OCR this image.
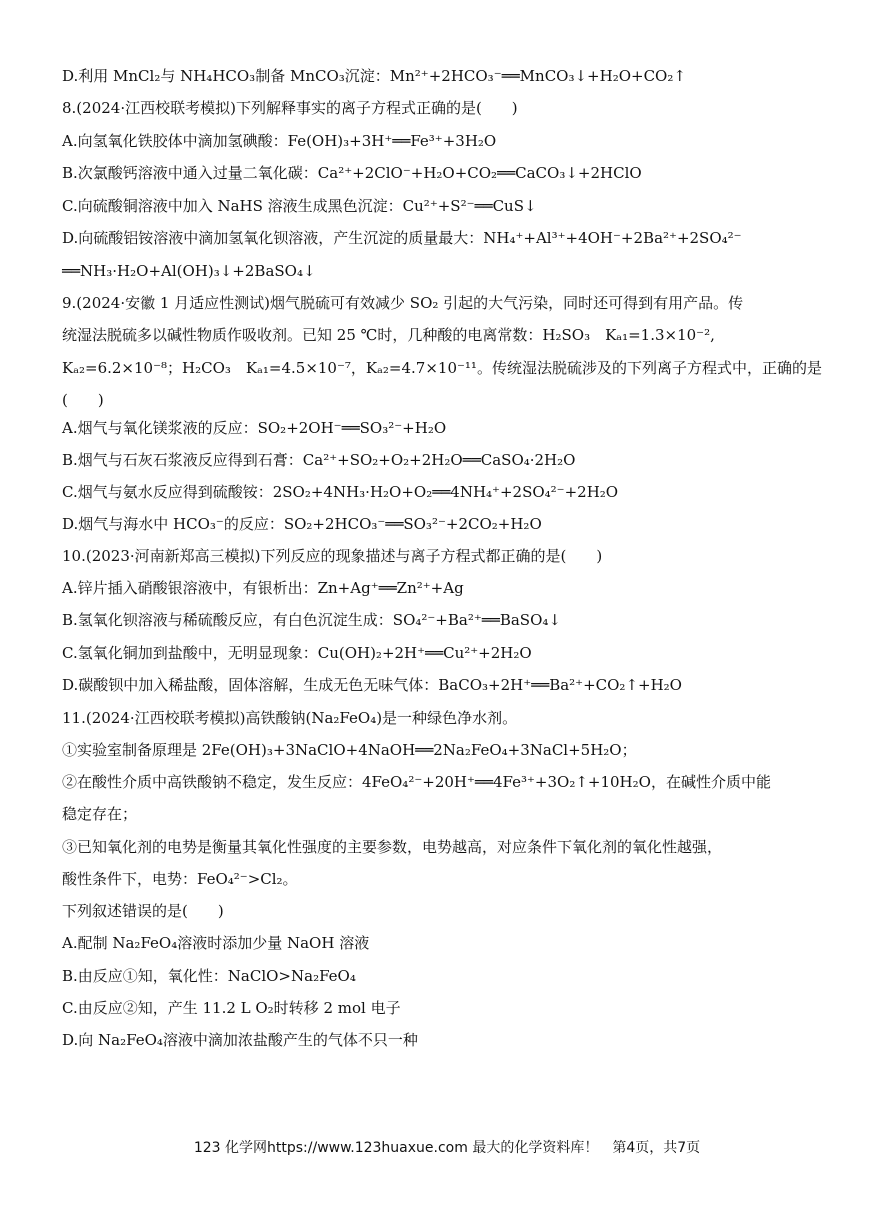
D.利用 MnCl₂与 NH₄HCO₃制备 MnCO₃沉淀：Mn²⁺+2HCO₃⁻══MnCO₃↓+H₂O+CO₂↑
8.(2024·江西校联考模拟)下列解释事实的离子方程式正确的是(　　)
A.向氢氧化铁胶体中滴加氢碘酸：Fe(OH)₃+3H⁺══Fe³⁺+3H₂O
B.次氯酸钙溶液中通入过量二氧化碳：Ca²⁺+2ClO⁻+H₂O+CO₂══CaCO₃↓+2HClO
C.向硫酸铜溶液中加入 NaHS 溶液生成黑色沉淀：Cu²⁺+S²⁻══CuS↓
D.向硫酸铝铵溶液中滴加氢氧化钡溶液，产生沉淀的质量最大：NH₄⁺+Al³⁺+4OH⁻+2Ba²⁺+2SO₄²⁻
══NH₃·H₂O+Al(OH)₃↓+2BaSO₄↓
9.(2024·安徽 1 月适应性测试)烟气脱硫可有效减少 SO₂ 引起的大气污染，同时还可得到有用产品。传
统湿法脱硫多以碱性物质作吸收剂。已知 25 ℃时，几种酸的电离常数：H₂SO₃　Kₐ₁=1.3×10⁻²,
Kₐ₂=6.2×10⁻⁸；H₂CO₃　Kₐ₁=4.5×10⁻⁷，Kₐ₂=4.7×10⁻¹¹。传统湿法脱硫涉及的下列离子方程式中，正确的是
(　　)
A.烟气与氧化镁浆液的反应：SO₂+2OH⁻══SO₃²⁻+H₂O
B.烟气与石灰石浆液反应得到石膏：Ca²⁺+SO₂+O₂+2H₂O══CaSO₄·2H₂O
C.烟气与氨水反应得到硫酸铵：2SO₂+4NH₃·H₂O+O₂══4NH₄⁺+2SO₄²⁻+2H₂O
D.烟气与海水中 HCO₃⁻的反应：SO₂+2HCO₃⁻══SO₃²⁻+2CO₂+H₂O
10.(2023·河南新郑高三模拟)下列反应的现象描述与离子方程式都正确的是(　　)
A.锌片插入硝酸银溶液中，有银析出：Zn+Ag⁺══Zn²⁺+Ag
B.氢氧化钡溶液与稀硫酸反应，有白色沉淀生成：SO₄²⁻+Ba²⁺══BaSO₄↓
C.氢氧化铜加到盐酸中，无明显现象：Cu(OH)₂+2H⁺══Cu²⁺+2H₂O
D.碳酸钡中加入稀盐酸，固体溶解，生成无色无味气体：BaCO₃+2H⁺══Ba²⁺+CO₂↑+H₂O
11.(2024·江西校联考模拟)高铁酸钠(Na₂FeO₄)是一种绿色净水剂。
①实验室制备原理是 2Fe(OH)₃+3NaClO+4NaOH══2Na₂FeO₄+3NaCl+5H₂O；
②在酸性介质中高铁酸钠不稳定，发生反应：4FeO₄²⁻+20H⁺══4Fe³⁺+3O₂↑+10H₂O，在碱性介质中能
稳定存在；
③已知氧化剂的电势是衡量其氧化性强度的主要参数，电势越高，对应条件下氧化剂的氧化性越强，
酸性条件下，电势：FeO₄²⁻>Cl₂。
下列叙述错误的是(　　)
A.配制 Na₂FeO₄溶液时添加少量 NaOH 溶液
B.由反应①知，氧化性：NaClO>Na₂FeO₄
C.由反应②知，产生 11.2 L O₂时转移 2 mol 电子
D.向 Na₂FeO₄溶液中滴加浓盐酸产生的气体不只一种
123 化学网https://www.123huaxue.com 最大的化学资料库！　第4页，共7页
